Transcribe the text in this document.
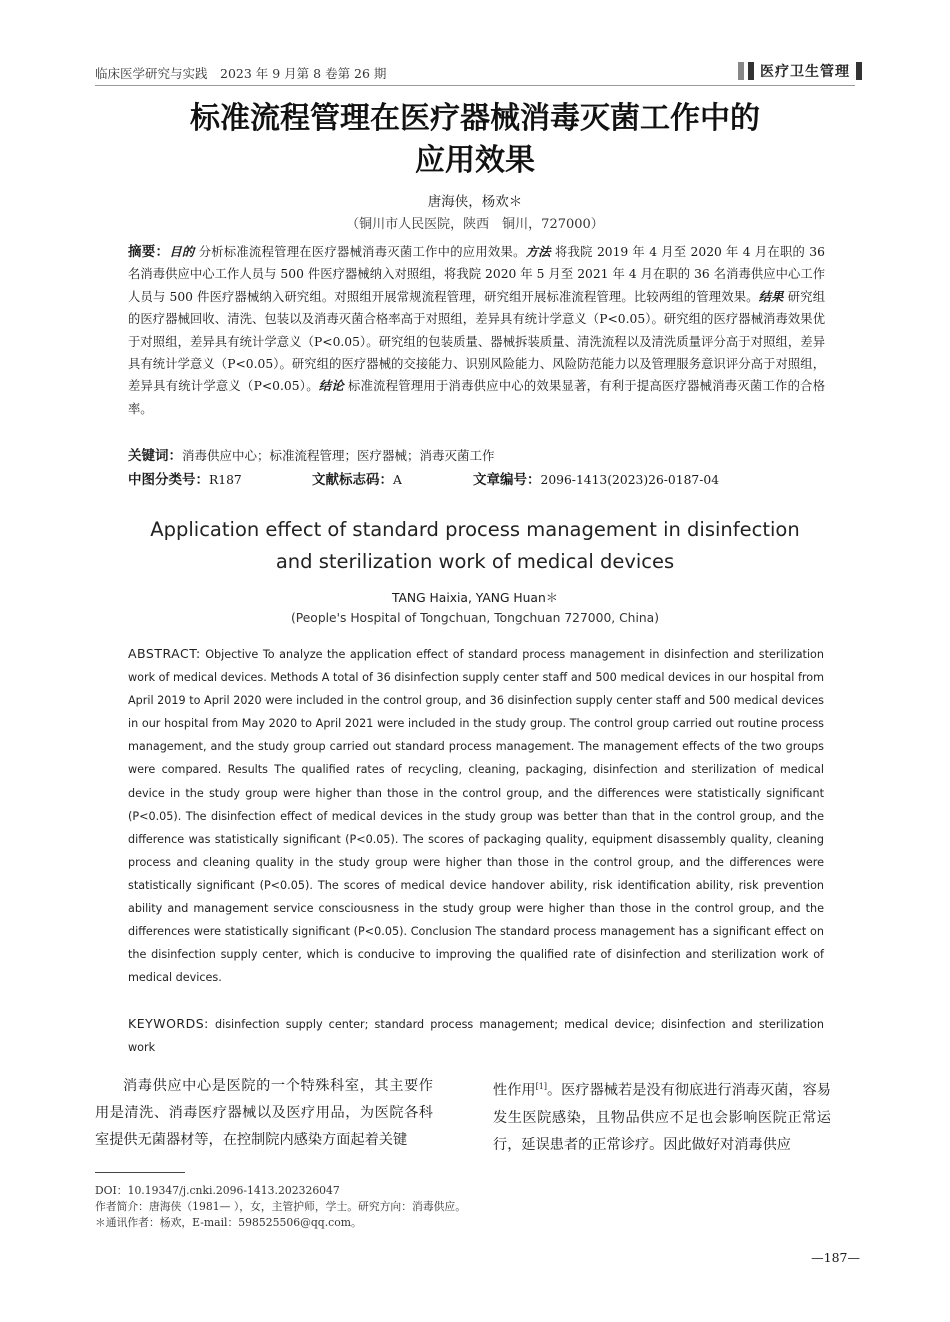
临床医学研究与实践　2023 年 9 月第 8 卷第 26 期	医疗卫生管理
标准流程管理在医疗器械消毒灭菌工作中的
应用效果
唐海侠，杨欢＊
（铜川市人民医院，陕西　铜川，727000）
摘要：目的 分析标准流程管理在医疗器械消毒灭菌工作中的应用效果。方法 将我院 2019 年 4 月至 2020 年 4 月在职的 36 名消毒供应中心工作人员与 500 件医疗器械纳入对照组，将我院 2020 年 5 月至 2021 年 4 月在职的 36 名消毒供应中心工作人员与 500 件医疗器械纳入研究组。对照组开展常规流程管理，研究组开展标准流程管理。比较两组的管理效果。结果 研究组的医疗器械回收、清洗、包装以及消毒灭菌合格率高于对照组，差异具有统计学意义（P<0.05）。研究组的医疗器械消毒效果优于对照组，差异具有统计学意义（P<0.05）。研究组的包装质量、器械拆装质量、清洗流程以及清洗质量评分高于对照组，差异具有统计学意义（P<0.05）。研究组的医疗器械的交接能力、识别风险能力、风险防范能力以及管理服务意识评分高于对照组，差异具有统计学意义（P<0.05）。结论 标准流程管理用于消毒供应中心的效果显著，有利于提高医疗器械消毒灭菌工作的合格率。
关键词：消毒供应中心；标准流程管理；医疗器械；消毒灭菌工作
中图分类号：R187	文献标志码：A	文章编号：2096-1413(2023)26-0187-04
Application effect of standard process management in disinfection
and sterilization work of medical devices
TANG Haixia, YANG Huan＊
(People's Hospital of Tongchuan, Tongchuan 727000, China)
ABSTRACT: Objective To analyze the application effect of standard process management in disinfection and sterilization work of medical devices. Methods A total of 36 disinfection supply center staff and 500 medical devices in our hospital from April 2019 to April 2020 were included in the control group, and 36 disinfection supply center staff and 500 medical devices in our hospital from May 2020 to April 2021 were included in the study group. The control group carried out routine process management, and the study group carried out standard process management. The management effects of the two groups were compared. Results The qualified rates of recycling, cleaning, packaging, disinfection and sterilization of medical device in the study group were higher than those in the control group, and the differences were statistically significant (P<0.05). The disinfection effect of medical devices in the study group was better than that in the control group, and the difference was statistically significant (P<0.05). The scores of packaging quality, equipment disassembly quality, cleaning process and cleaning quality in the study group were higher than those in the control group, and the differences were statistically significant (P<0.05). The scores of medical device handover ability, risk identification ability, risk prevention ability and management service consciousness in the study group were higher than those in the control group, and the differences were statistically significant (P<0.05). Conclusion The standard process management has a significant effect on the disinfection supply center, which is conducive to improving the qualified rate of disinfection and sterilization work of medical devices.
KEYWORDS: disinfection supply center; standard process management; medical device; disinfection and sterilization work
消毒供应中心是医院的一个特殊科室，其主要作用是清洗、消毒医疗器械以及医疗用品，为医院各科室提供无菌器材等，在控制院内感染方面起着关键
性作用[1]。医疗器械若是没有彻底进行消毒灭菌，容易发生医院感染，且物品供应不足也会影响医院正常运行，延误患者的正常诊疗。因此做好对消毒供应
DOI：10.19347/j.cnki.2096-1413.202326047
作者简介：唐海侠（1981— ），女，主管护师，学士。研究方向：消毒供应。
＊通讯作者：杨欢，E-mail：598525506@qq.com。
—187—
